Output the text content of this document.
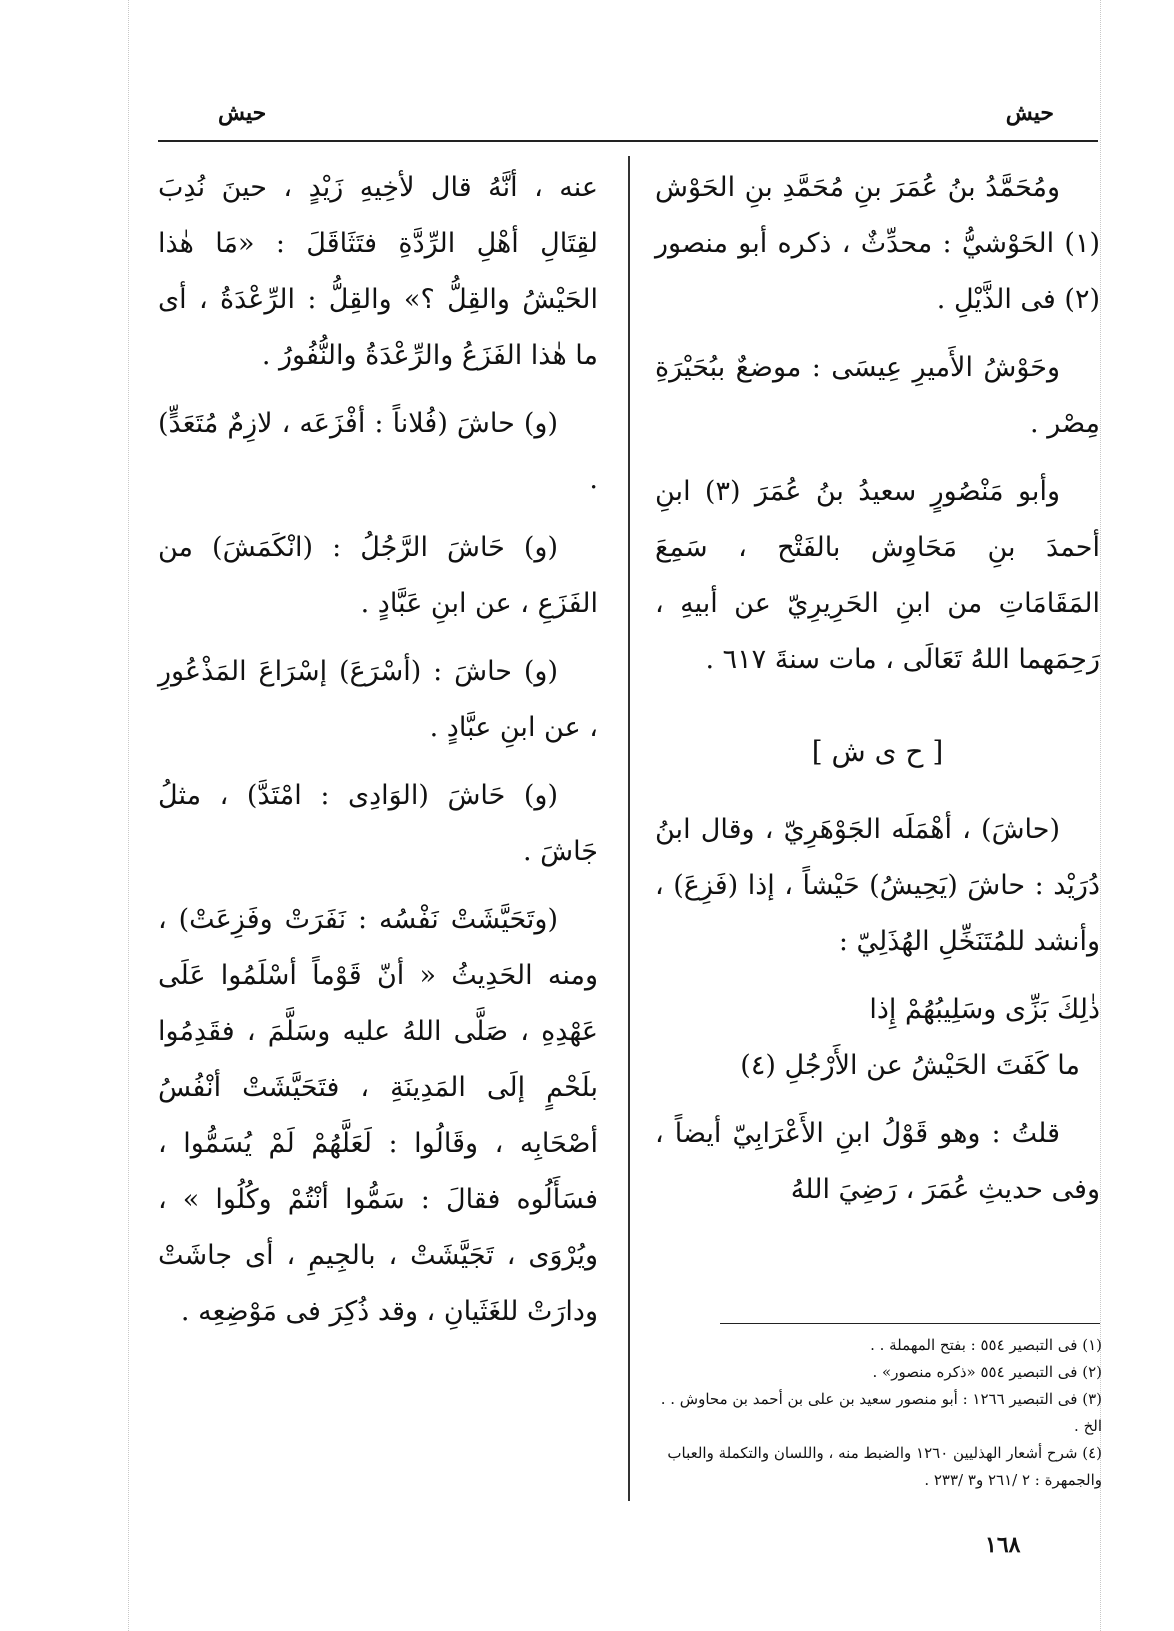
حيش
حيش

ومُحَمَّدُ بنُ عُمَرَ بنِ مُحَمَّدِ بنِ الحَوْش (١) الحَوْشيُّ : محدِّثٌ ، ذكره أبو منصور (٢) فى الذَّيْلِ .

وحَوْشُ الأَميرِ عِيسَى : موضعٌ ببُحَيْرَةِ مِصْر .

وأبو مَنْصُورٍ سعيدُ بنُ عُمَرَ (٣) ابنِ أحمدَ بنِ مَحَاوِش بالفَتْح ، سَمِعَ المَقَامَاتِ من ابنِ الحَرِيرِيّ عن أبيهِ ، رَحِمَهما اللهُ تَعَالَى ، مات سنةَ ٦١٧ .

[ ح ى ش ]

(حاشَ) ، أهْمَلَه الجَوْهَرِيّ ، وقال ابنُ دُرَيْد : حاشَ (يَحِيشُ) حَيْشاً ، إذا (فَزِعَ) ، وأنشد للمُتَنَخِّلِ الهُذَلِيّ :

ذٰلِكَ بَزِّى وسَلِيبُهُمْ إِذا
ما كَفَتَ الحَيْشُ عن الأَرْجُلِ (٤)

قلتُ : وهو قَوْلُ ابنِ الأَعْرَابِيّ أيضاً ، وفى حديثِ عُمَرَ ، رَضِيَ اللهُ

عنه ، أنَّهُ قال لأخِيهِ زَيْدٍ ، حينَ نُدِبَ لقِتَالِ أهْلِ الرِّدَّةِ فتَثَاقَلَ : «مَا هٰذا الحَيْشُ والقِلُّ ؟» والقِلُّ : الرِّعْدَةُ ، أى ما هٰذا الفَزَعُ والرِّعْدَةُ والنُّفُورُ .

(و) حاشَ (فُلاناً : أفْزَعَه ، لازِمٌ مُتَعَدٍّ) .

(و) حَاشَ الرَّجُلُ : (انْكَمَشَ) من الفَزَعِ ، عن ابنِ عَبَّادٍ .

(و) حاشَ : (أسْرَعَ) إسْرَاعَ المَذْعُورِ ، عن ابنِ عبَّادٍ .

(و) حَاشَ (الوَادِى : امْتَدَّ) ، مثلُ جَاشَ .

(وتَحَيَّشَتْ نَفْسُه : نَفَرَتْ وفَزِعَتْ) ، ومنه الحَدِيثُ « أنّ قَوْماً أسْلَمُوا عَلَى عَهْدِهِ ، صَلَّى اللهُ عليه وسَلَّمَ ، فقَدِمُوا بلَحْمٍ إلَى المَدِينَةِ ، فتَحَيَّشَتْ أنْفُسُ أصْحَابِه ، وقَالُوا : لَعَلَّهُمْ لَمْ يُسَمُّوا ، فسَأَلُوه فقالَ : سَمُّوا أنْتُمْ وكُلُوا » ، ويُرْوَى ، تَجَيَّشَتْ ، بالجِيمِ ، أى جاشَتْ ودارَتْ للغَثَيانِ ، وقد ذُكِرَ فى مَوْضِعِه .

(١) فى التبصير ٥٥٤ : بفتح المهملة . .
(٢) فى التبصير ٥٥٤ «ذكره منصور» .
(٣) فى التبصير ١٢٦٦ : أبو منصور سعيد بن على بن أحمد بن محاوش . . الخ .
(٤) شرح أشعار الهذليين ١٢٦٠ والضبط منه ، واللسان والتكملة والعباب والجمهرة : ٢ /٢٦١ و٣ /٢٣٣ .
١٦٨
